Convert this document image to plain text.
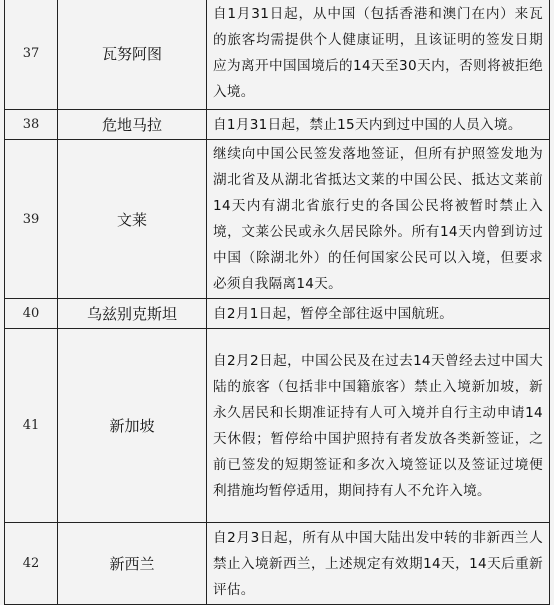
37	瓦努阿图	自1月31日起，从中国（包括香港和澳门在内）来瓦的旅客均需提供个人健康证明，且该证明的签发日期应为离开中国国境后的14天至30天内，否则将被拒绝入境。
38	危地马拉	自1月31日起，禁止15天内到过中国的人员入境。
39	文莱	继续向中国公民签发落地签证，但所有护照签发地为湖北省及从湖北省抵达文莱的中国公民、抵达文莱前14天内有湖北省旅行史的各国公民将被暂时禁止入境，文莱公民或永久居民除外。所有14天内曾到访过中国（除湖北外）的任何国家公民可以入境，但要求必须自我隔离14天。
40	乌兹别克斯坦	自2月1日起，暂停全部往返中国航班。
41	新加坡	自2月2日起，中国公民及在过去14天曾经去过中国大陆的旅客（包括非中国籍旅客）禁止入境新加坡，新永久居民和长期准证持有人可入境并自行主动申请14天休假；暂停给中国护照持有者发放各类新签证，之前已签发的短期签证和多次入境签证以及签证过境便利措施均暂停适用，期间持有人不允许入境。
42	新西兰	自2月3日起，所有从中国大陆出发中转的非新西兰人禁止入境新西兰，上述规定有效期14天，14天后重新评估。
